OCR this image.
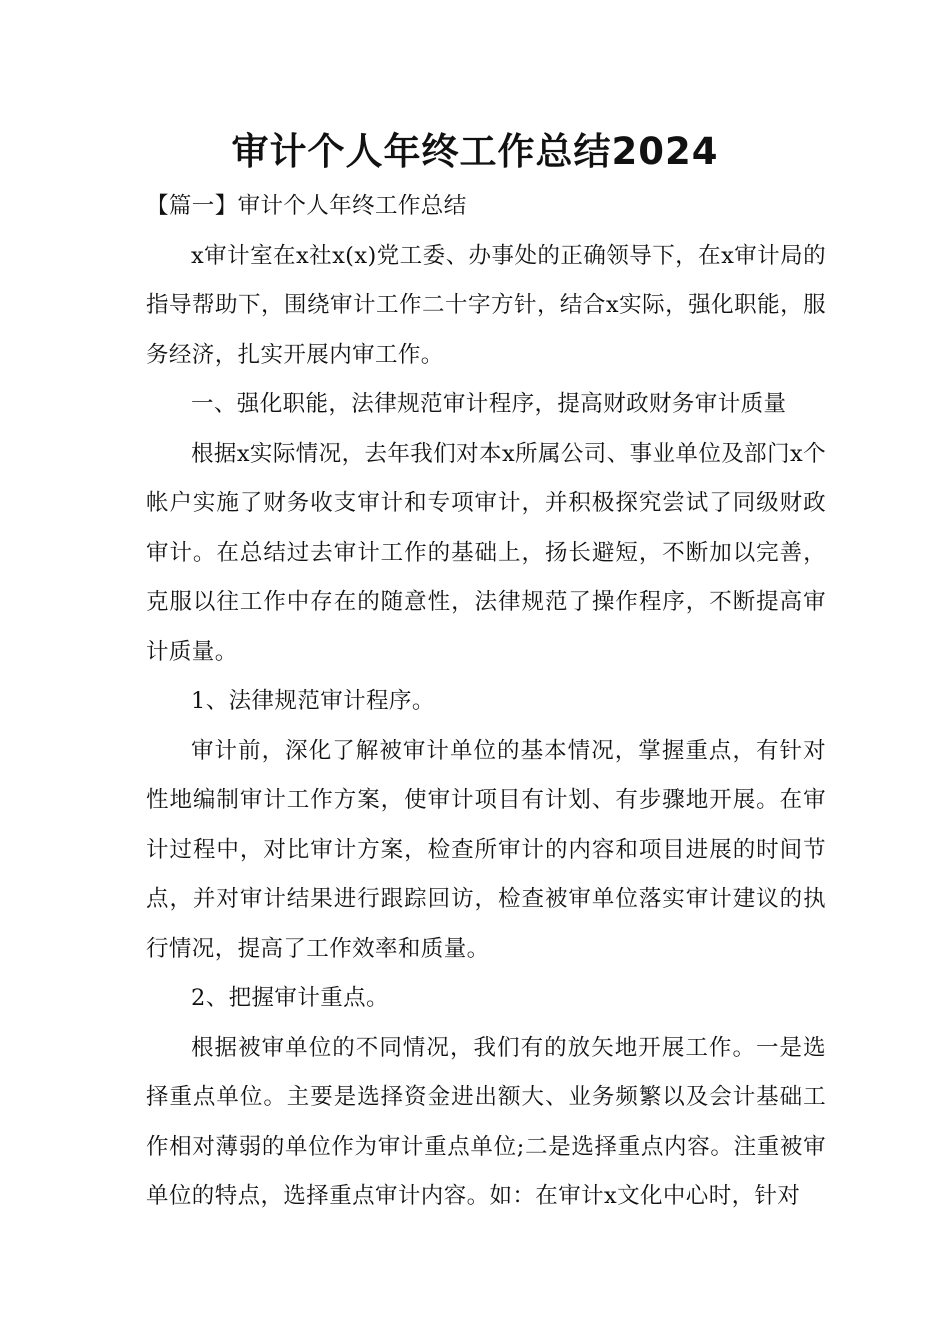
审计个人年终工作总结2024

【篇一】审计个人年终工作总结

x审计室在x社x(x)党工委、办事处的正确领导下，在x审计局的指导帮助下，围绕审计工作二十字方针，结合x实际，强化职能，服务经济，扎实开展内审工作。

一、强化职能，法律规范审计程序，提高财政财务审计质量

根据x实际情况，去年我们对本x所属公司、事业单位及部门x个帐户实施了财务收支审计和专项审计，并积极探究尝试了同级财政审计。在总结过去审计工作的基础上，扬长避短，不断加以完善，克服以往工作中存在的随意性，法律规范了操作程序，不断提高审计质量。

1、法律规范审计程序。

审计前，深化了解被审计单位的基本情况，掌握重点，有针对性地编制审计工作方案，使审计项目有计划、有步骤地开展。在审计过程中，对比审计方案，检查所审计的内容和项目进展的时间节点，并对审计结果进行跟踪回访，检查被审单位落实审计建议的执行情况，提高了工作效率和质量。

2、把握审计重点。

根据被审单位的不同情况，我们有的放矢地开展工作。一是选择重点单位。主要是选择资金进出额大、业务频繁以及会计基础工作相对薄弱的单位作为审计重点单位;二是选择重点内容。注重被审单位的特点，选择重点审计内容。如：在审计x文化中心时，针对
